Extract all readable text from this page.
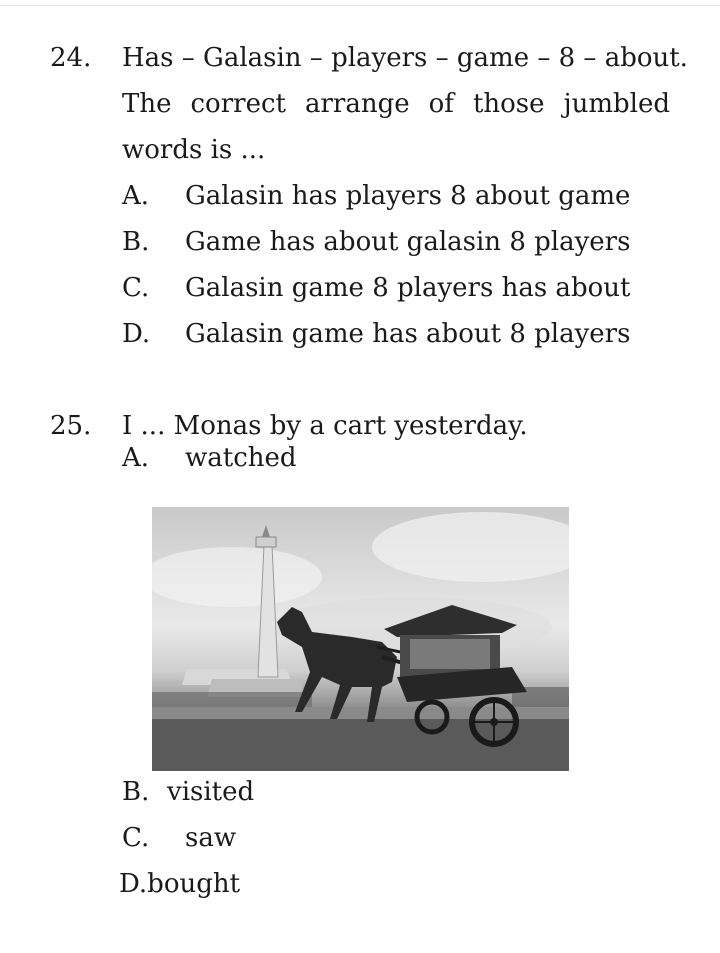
24. Has – Galasin – players – game – 8 – about.
The correct arrange of those jumbled
words is ...
A. Galasin has players 8 about game
B. Game has about galasin 8 players
C. Galasin game 8 players has about
D. Galasin game has about 8 players
25. I ... Monas by a cart yesterday.
A. watched
B. visited
C. saw
D.bought
